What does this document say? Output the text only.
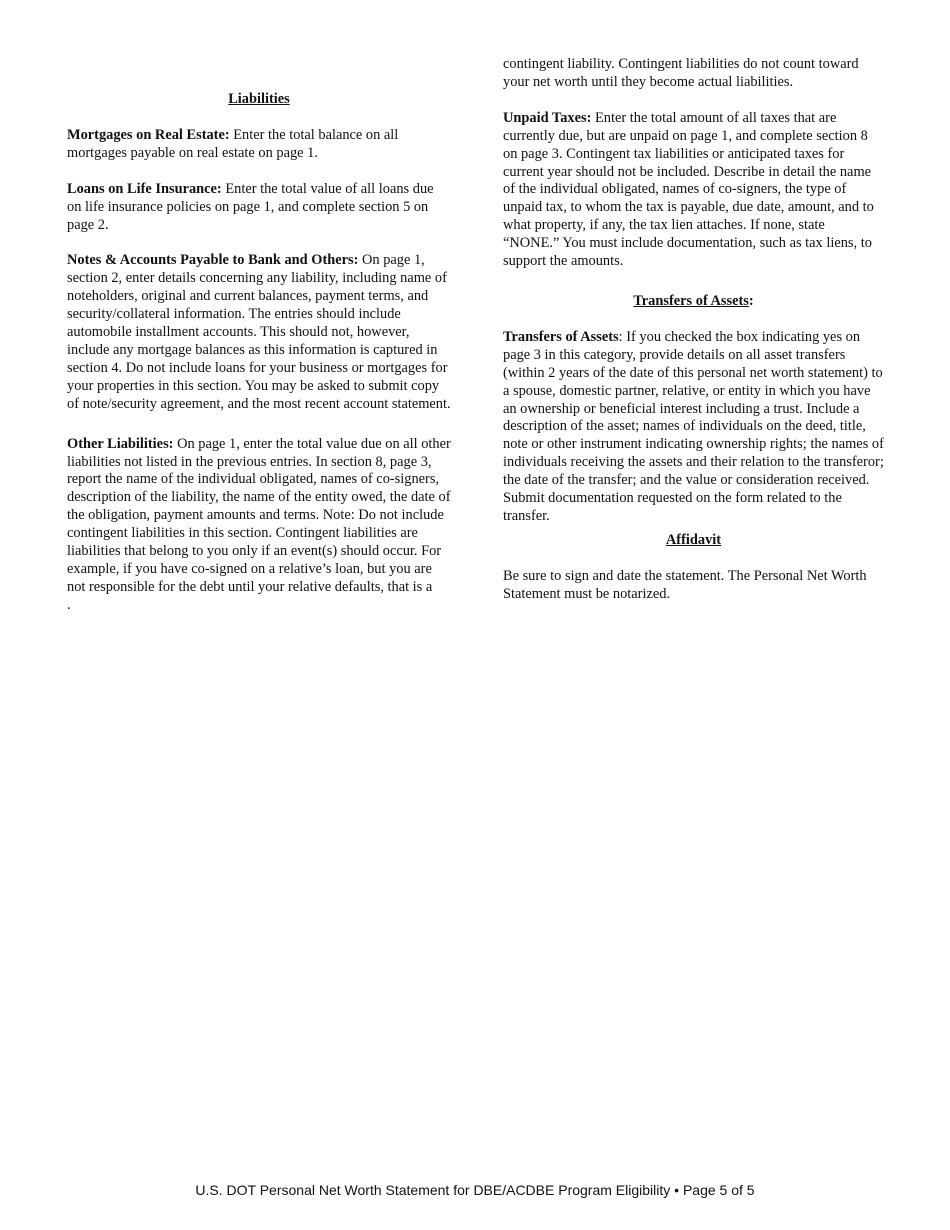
Liabilities

Mortgages on Real Estate: Enter the total balance on all mortgages payable on real estate on page 1.

Loans on Life Insurance: Enter the total value of all loans due on life insurance policies on page 1, and complete section 5 on page 2.

Notes & Accounts Payable to Bank and Others: On page 1, section 2, enter details concerning any liability, including name of noteholders, original and current balances, payment terms, and security/collateral information. The entries should include automobile installment accounts. This should not, however, include any mortgage balances as this information is captured in section 4. Do not include loans for your business or mortgages for your properties in this section. You may be asked to submit copy of note/security agreement, and the most recent account statement.

Other Liabilities: On page 1, enter the total value due on all other liabilities not listed in the previous entries. In section 8, page 3, report the name of the individual obligated, names of co-signers, description of the liability, the name of the entity owed, the date of the obligation, payment amounts and terms. Note: Do not include contingent liabilities in this section. Contingent liabilities are liabilities that belong to you only if an event(s) should occur. For example, if you have co-signed on a relative’s loan, but you are not responsible for the debt until your relative defaults, that is a

.

contingent liability. Contingent liabilities do not count toward your net worth until they become actual liabilities.

Unpaid Taxes: Enter the total amount of all taxes that are currently due, but are unpaid on page 1, and complete section 8 on page 3. Contingent tax liabilities or anticipated taxes for current year should not be included. Describe in detail the name of the individual obligated, names of co-signers, the type of unpaid tax, to whom the tax is payable, due date, amount, and to what property, if any, the tax lien attaches. If none, state “NONE.” You must include documentation, such as tax liens, to support the amounts.

Transfers of Assets:

Transfers of Assets: If you checked the box indicating yes on page 3 in this category, provide details on all asset transfers (within 2 years of the date of this personal net worth statement) to a spouse, domestic partner, relative, or entity in which you have an ownership or beneficial interest including a trust. Include a description of the asset; names of individuals on the deed, title, note or other instrument indicating ownership rights; the names of individuals receiving the assets and their relation to the transferor; the date of the transfer; and the value or consideration received. Submit documentation requested on the form related to the transfer.

Affidavit

Be sure to sign and date the statement. The Personal Net Worth Statement must be notarized.

U.S. DOT Personal Net Worth Statement for DBE/ACDBE Program Eligibility • Page 5 of 5
